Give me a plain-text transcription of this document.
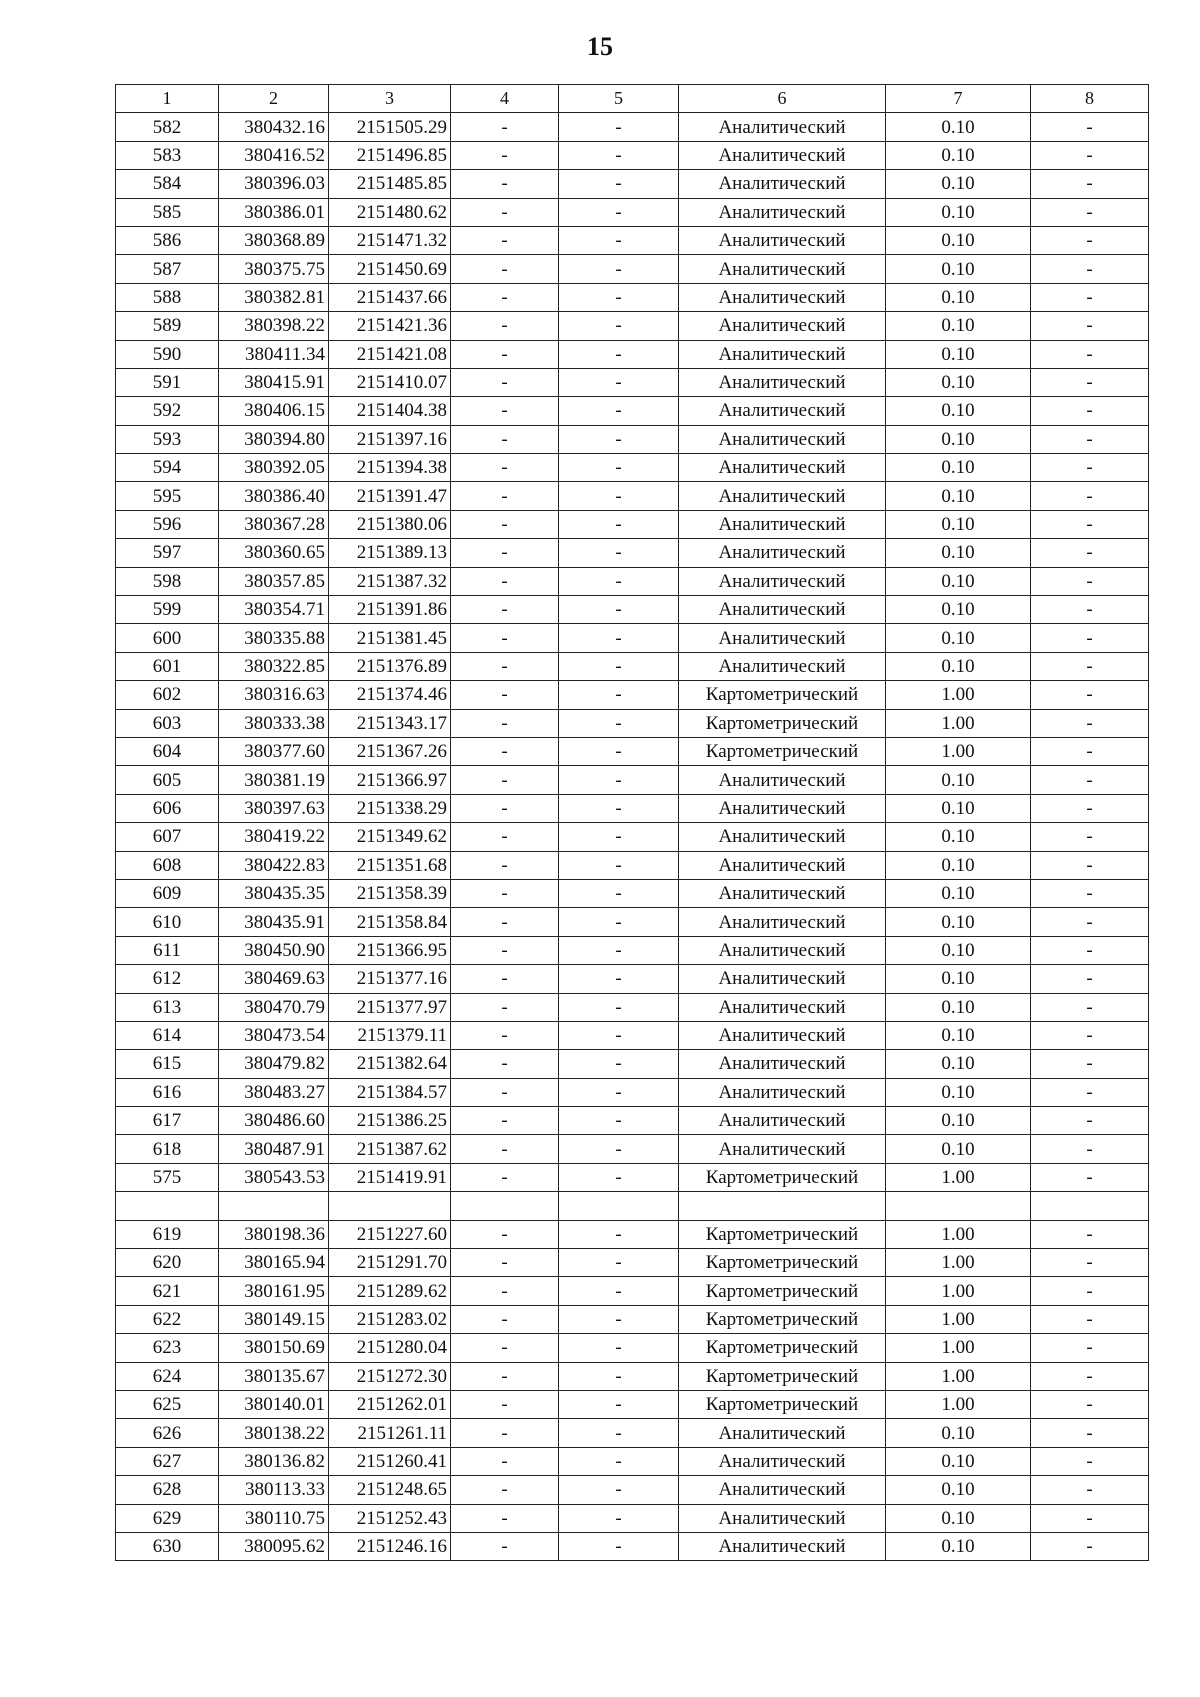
15
1	2	3	4	5	6	7	8
582	380432.16	2151505.29	-	-	Аналитический	0.10	-
583	380416.52	2151496.85	-	-	Аналитический	0.10	-
584	380396.03	2151485.85	-	-	Аналитический	0.10	-
585	380386.01	2151480.62	-	-	Аналитический	0.10	-
586	380368.89	2151471.32	-	-	Аналитический	0.10	-
587	380375.75	2151450.69	-	-	Аналитический	0.10	-
588	380382.81	2151437.66	-	-	Аналитический	0.10	-
589	380398.22	2151421.36	-	-	Аналитический	0.10	-
590	380411.34	2151421.08	-	-	Аналитический	0.10	-
591	380415.91	2151410.07	-	-	Аналитический	0.10	-
592	380406.15	2151404.38	-	-	Аналитический	0.10	-
593	380394.80	2151397.16	-	-	Аналитический	0.10	-
594	380392.05	2151394.38	-	-	Аналитический	0.10	-
595	380386.40	2151391.47	-	-	Аналитический	0.10	-
596	380367.28	2151380.06	-	-	Аналитический	0.10	-
597	380360.65	2151389.13	-	-	Аналитический	0.10	-
598	380357.85	2151387.32	-	-	Аналитический	0.10	-
599	380354.71	2151391.86	-	-	Аналитический	0.10	-
600	380335.88	2151381.45	-	-	Аналитический	0.10	-
601	380322.85	2151376.89	-	-	Аналитический	0.10	-
602	380316.63	2151374.46	-	-	Картометрический	1.00	-
603	380333.38	2151343.17	-	-	Картометрический	1.00	-
604	380377.60	2151367.26	-	-	Картометрический	1.00	-
605	380381.19	2151366.97	-	-	Аналитический	0.10	-
606	380397.63	2151338.29	-	-	Аналитический	0.10	-
607	380419.22	2151349.62	-	-	Аналитический	0.10	-
608	380422.83	2151351.68	-	-	Аналитический	0.10	-
609	380435.35	2151358.39	-	-	Аналитический	0.10	-
610	380435.91	2151358.84	-	-	Аналитический	0.10	-
611	380450.90	2151366.95	-	-	Аналитический	0.10	-
612	380469.63	2151377.16	-	-	Аналитический	0.10	-
613	380470.79	2151377.97	-	-	Аналитический	0.10	-
614	380473.54	2151379.11	-	-	Аналитический	0.10	-
615	380479.82	2151382.64	-	-	Аналитический	0.10	-
616	380483.27	2151384.57	-	-	Аналитический	0.10	-
617	380486.60	2151386.25	-	-	Аналитический	0.10	-
618	380487.91	2151387.62	-	-	Аналитический	0.10	-
575	380543.53	2151419.91	-	-	Картометрический	1.00	-

619	380198.36	2151227.60	-	-	Картометрический	1.00	-
620	380165.94	2151291.70	-	-	Картометрический	1.00	-
621	380161.95	2151289.62	-	-	Картометрический	1.00	-
622	380149.15	2151283.02	-	-	Картометрический	1.00	-
623	380150.69	2151280.04	-	-	Картометрический	1.00	-
624	380135.67	2151272.30	-	-	Картометрический	1.00	-
625	380140.01	2151262.01	-	-	Картометрический	1.00	-
626	380138.22	2151261.11	-	-	Аналитический	0.10	-
627	380136.82	2151260.41	-	-	Аналитический	0.10	-
628	380113.33	2151248.65	-	-	Аналитический	0.10	-
629	380110.75	2151252.43	-	-	Аналитический	0.10	-
630	380095.62	2151246.16	-	-	Аналитический	0.10	-
